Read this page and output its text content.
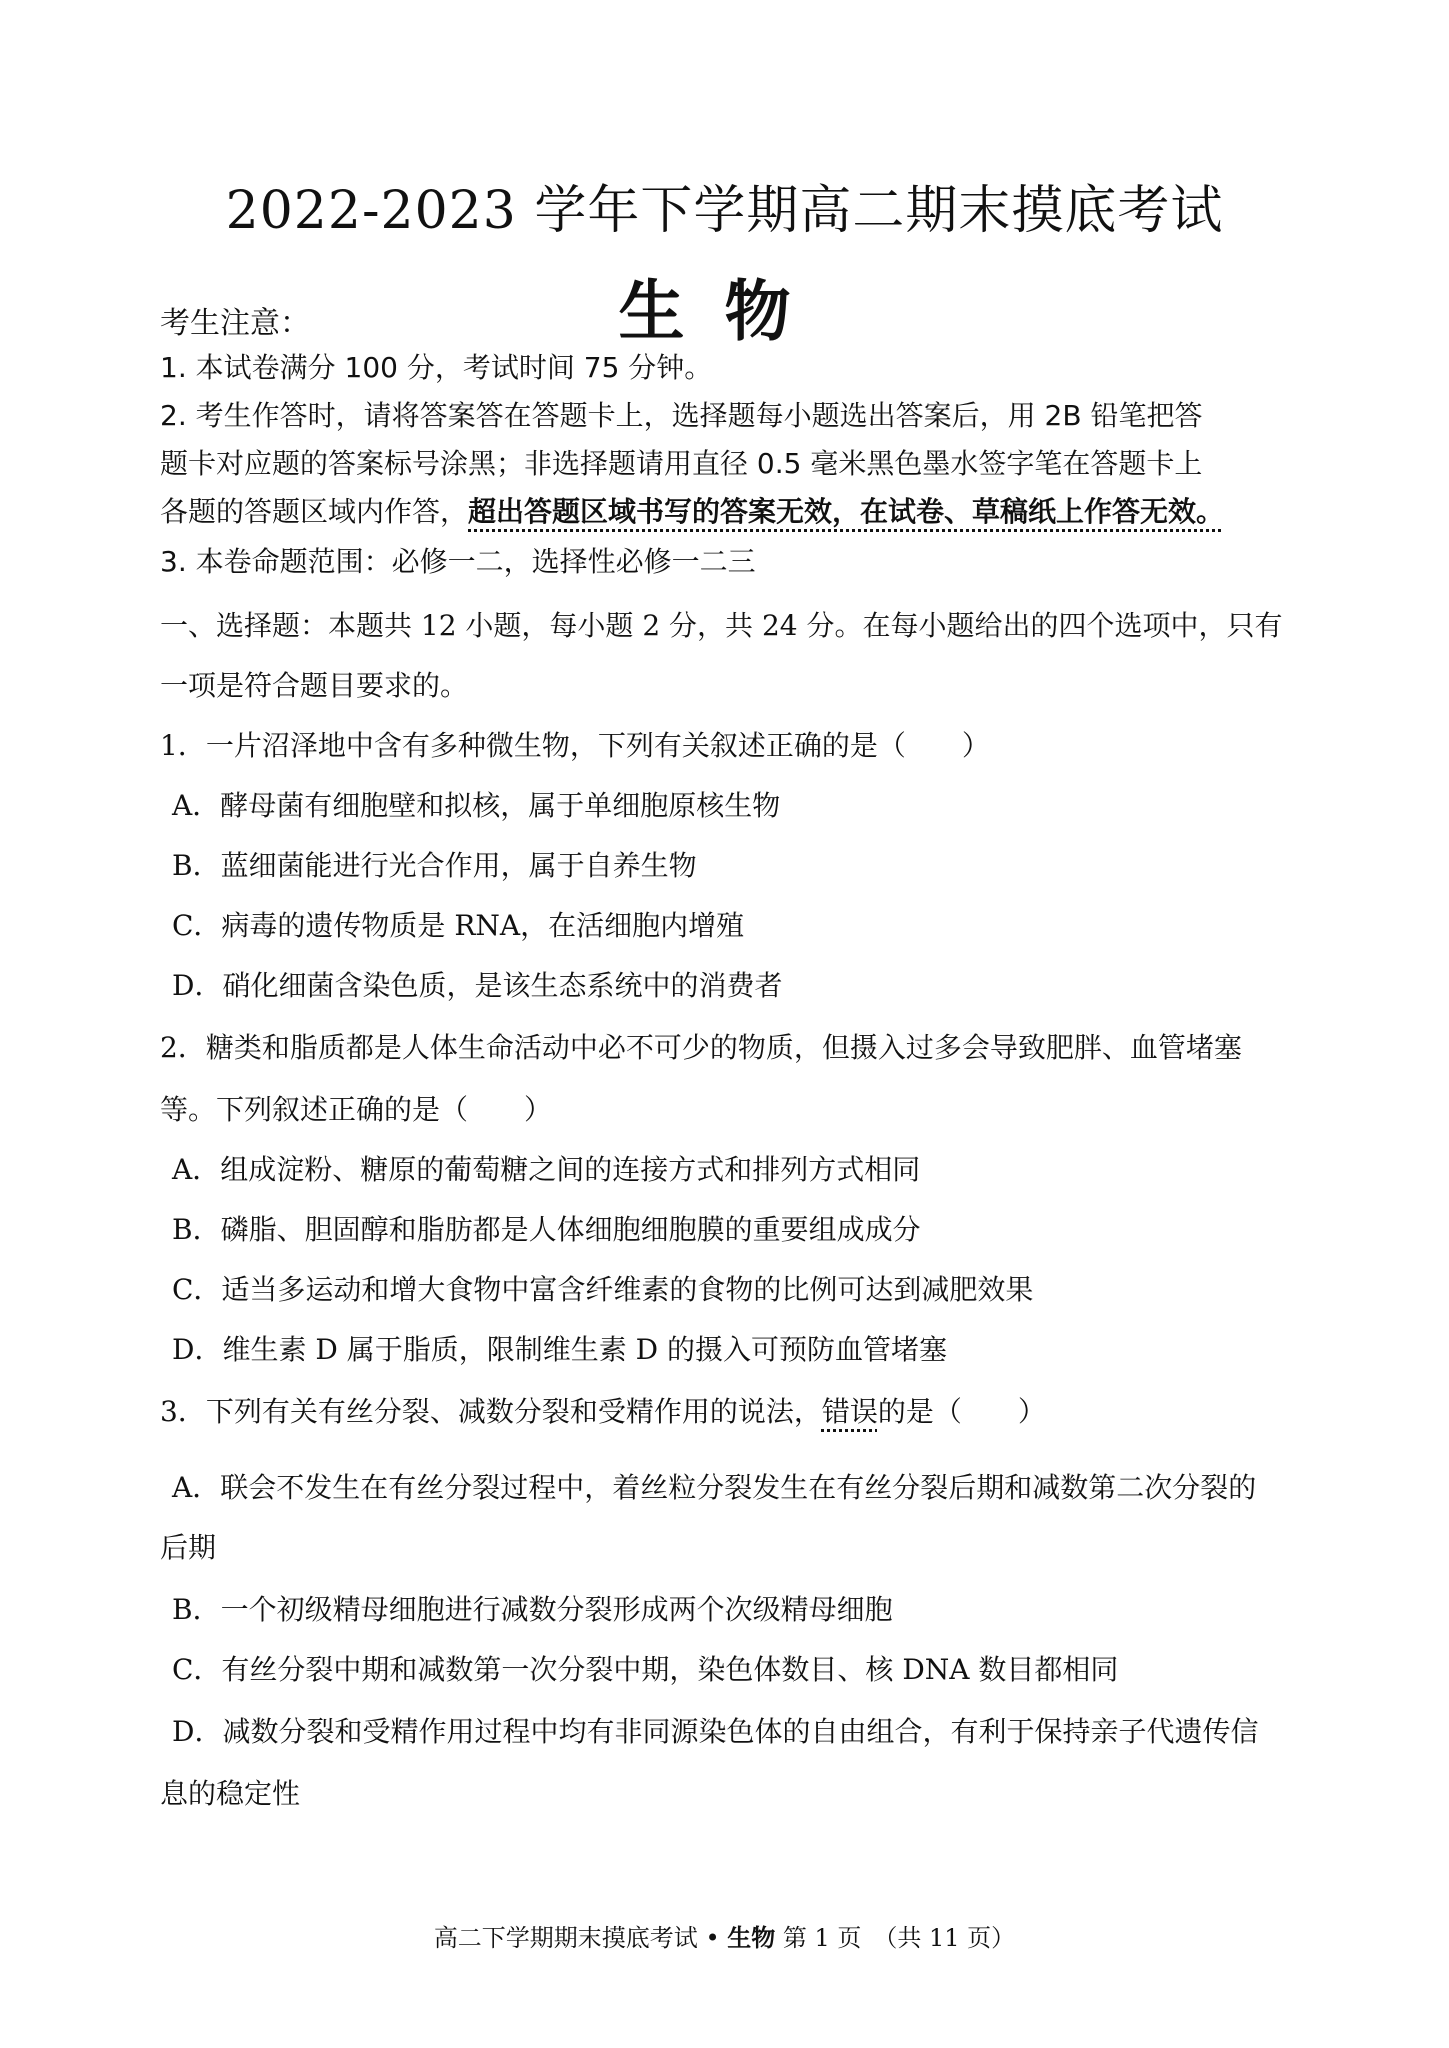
2022-2023 学年下学期高二期末摸底考试
生物
考生注意：
1. 本试卷满分 100 分，考试时间 75 分钟。
2. 考生作答时，请将答案答在答题卡上，选择题每小题选出答案后，用 2B 铅笔把答
题卡对应题的答案标号涂黑；非选择题请用直径 0.5 毫米黑色墨水签字笔在答题卡上
各题的答题区域内作答，超出答题区域书写的答案无效，在试卷、草稿纸上作答无效。
3. 本卷命题范围：必修一二，选择性必修一二三
一、选择题：本题共 12 小题，每小题 2 分，共 24 分。在每小题给出的四个选项中，只有
一项是符合题目要求的。
1．一片沼泽地中含有多种微生物，下列有关叙述正确的是（　　）
A．酵母菌有细胞壁和拟核，属于单细胞原核生物
B．蓝细菌能进行光合作用，属于自养生物
C．病毒的遗传物质是 RNA，在活细胞内增殖
D．硝化细菌含染色质，是该生态系统中的消费者
2．糖类和脂质都是人体生命活动中必不可少的物质，但摄入过多会导致肥胖、血管堵塞
等。下列叙述正确的是（　　）
A．组成淀粉、糖原的葡萄糖之间的连接方式和排列方式相同
B．磷脂、胆固醇和脂肪都是人体细胞细胞膜的重要组成成分
C．适当多运动和增大食物中富含纤维素的食物的比例可达到减肥效果
D．维生素 D 属于脂质，限制维生素 D 的摄入可预防血管堵塞
3．下列有关有丝分裂、减数分裂和受精作用的说法，错误的是（　　）
A．联会不发生在有丝分裂过程中，着丝粒分裂发生在有丝分裂后期和减数第二次分裂的
后期
B．一个初级精母细胞进行减数分裂形成两个次级精母细胞
C．有丝分裂中期和减数第一次分裂中期，染色体数目、核 DNA 数目都相同
D．减数分裂和受精作用过程中均有非同源染色体的自由组合，有利于保持亲子代遗传信
息的稳定性
高二下学期期末摸底考试 • 生物 第 1 页　（共 11 页）
